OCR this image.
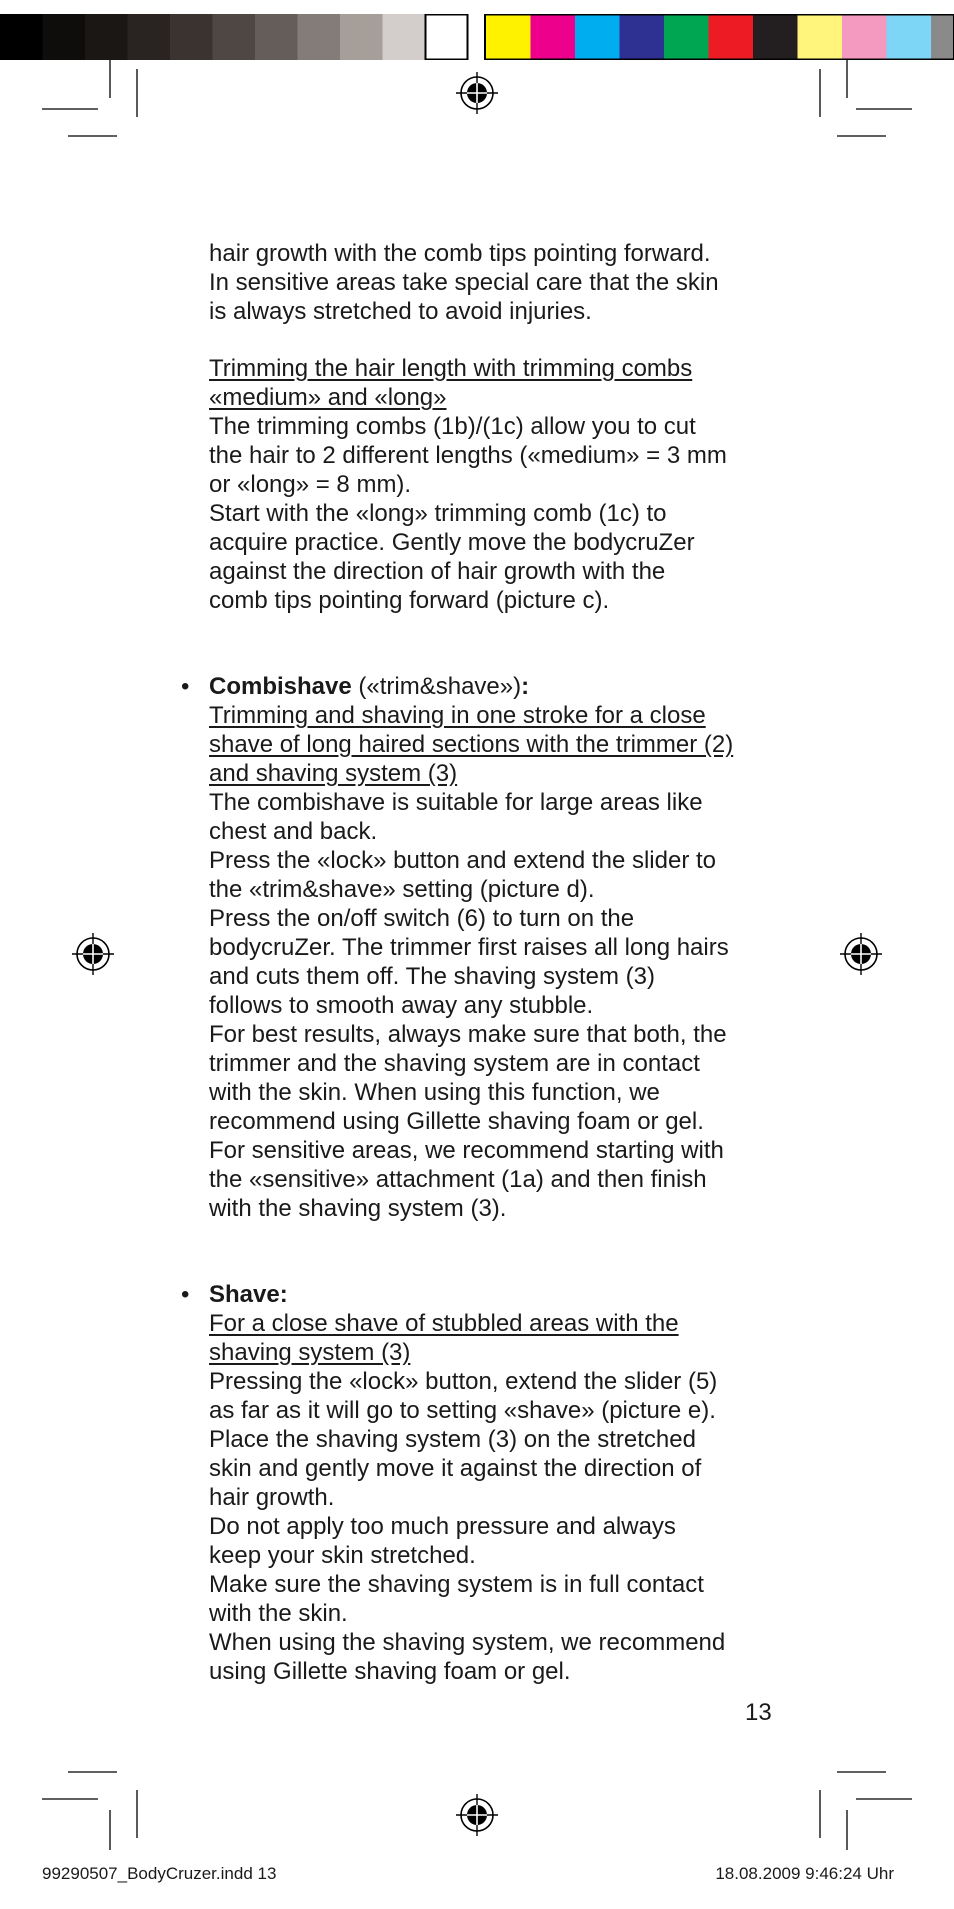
hair growth with the comb tips pointing forward.

In sensitive areas take special care that the skin

is always stretched to avoid injuries.

Trimming the hair length with trimming combs

«medium» and «long»

The trimming combs (1b)/(1c) allow you to cut

the hair to 2 different lengths («medium» = 3 mm

or «long» = 8 mm).

Start with the «long» trimming comb (1c) to

acquire practice. Gently move the bodycruZer

against the direction of hair growth with the

comb tips pointing forward (picture c).

• Combishave («trim&shave»):

Trimming and shaving in one stroke for a close

shave of long haired sections with the trimmer (2)

and shaving system (3)

The combishave is suitable for large areas like

chest and back.

Press the «lock» button and extend the slider to

the «trim&shave» setting (picture d).

Press the on/off switch (6) to turn on the

bodycruZer. The trimmer first raises all long hairs

and cuts them off. The shaving system (3)

follows to smooth away any stubble.

For best results, always make sure that both, the

trimmer and the shaving system are in contact

with the skin. When using this function, we

recommend using Gillette shaving foam or gel.

For sensitive areas, we recommend starting with

the «sensitive» attachment (1a) and then finish

with the shaving system (3).

• Shave:

For a close shave of stubbled areas with the

shaving system (3)

Pressing the «lock» button, extend the slider (5)

as far as it will go to setting «shave» (picture e).

Place the shaving system (3) on the stretched

skin and gently move it against the direction of

hair growth.

Do not apply too much pressure and always

keep your skin stretched.

Make sure the shaving system is in full contact

with the skin.

When using the shaving system, we recommend

using Gillette shaving foam or gel.

13
99290507_BodyCruzer.indd 13	18.08.2009 9:46:24 Uhr
